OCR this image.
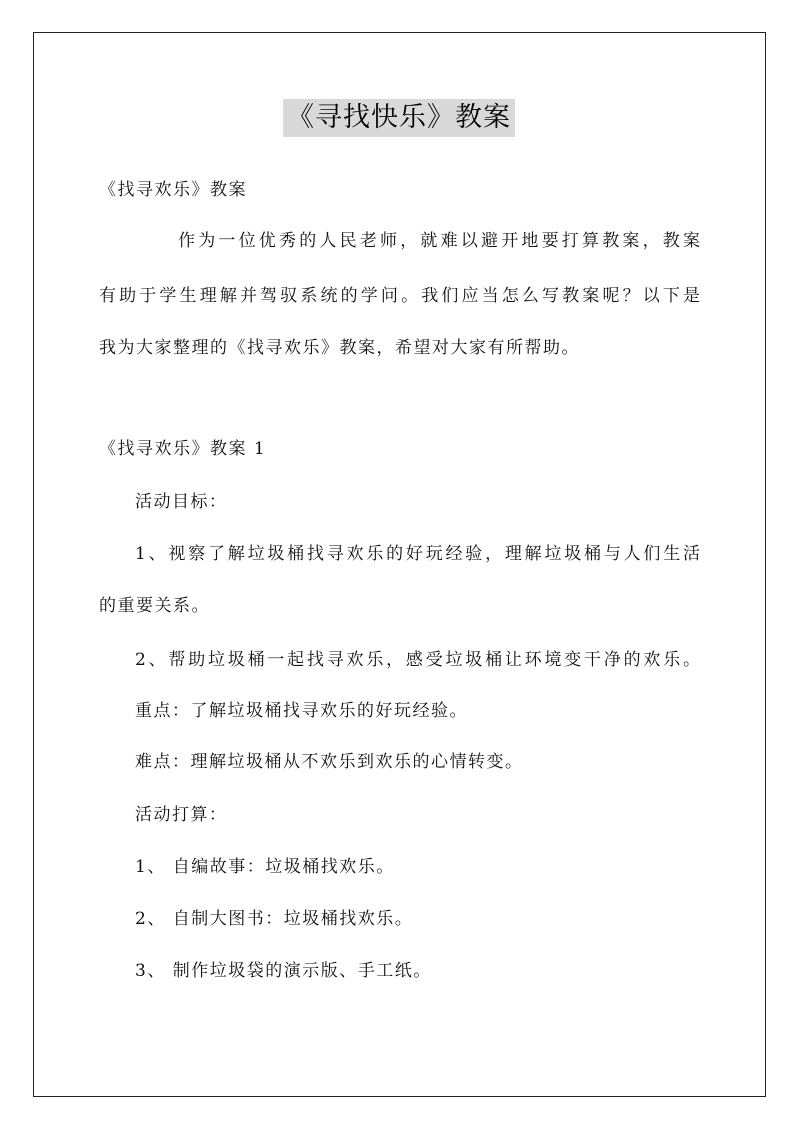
《寻找快乐》教案
《找寻欢乐》教案
作为一位优秀的人民老师，就难以避开地要打算教案，教案
有助于学生理解并驾驭系统的学问。我们应当怎么写教案呢？以下是
我为大家整理的《找寻欢乐》教案，希望对大家有所帮助。
《找寻欢乐》教案 1
活动目标：
1、视察了解垃圾桶找寻欢乐的好玩经验，理解垃圾桶与人们生活
的重要关系。
2、帮助垃圾桶一起找寻欢乐，感受垃圾桶让环境变干净的欢乐。
重点：了解垃圾桶找寻欢乐的好玩经验。
难点：理解垃圾桶从不欢乐到欢乐的心情转变。
活动打算：
1、 自编故事：垃圾桶找欢乐。
2、 自制大图书：垃圾桶找欢乐。
3、 制作垃圾袋的演示版、手工纸。
